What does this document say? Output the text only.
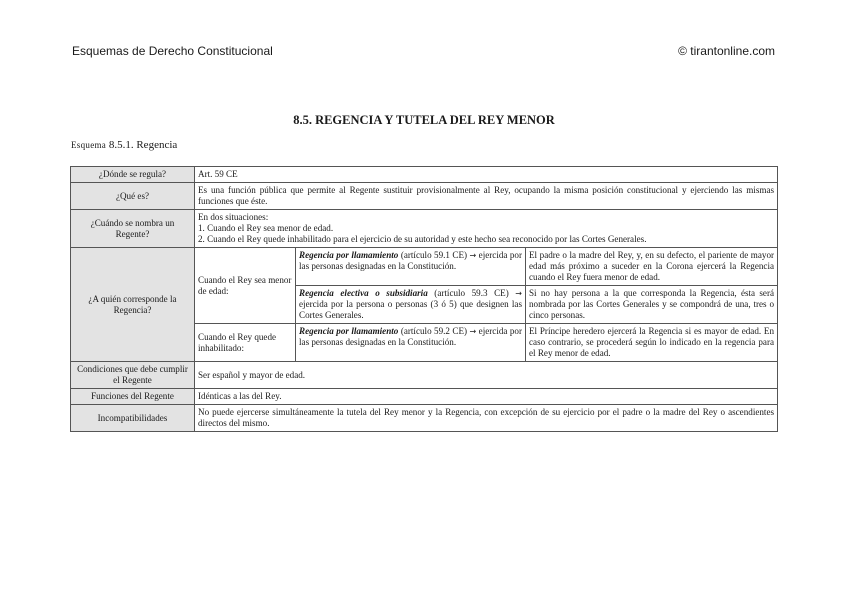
Esquemas de Derecho Constitucional	© tirantonline.com
8.5. REGENCIA Y TUTELA DEL REY MENOR
Esquema 8.5.1. Regencia
¿Dónde se regula?	Art. 59 CE		
¿Qué es?	Es una función pública que permite al Regente sustituir provisionalmente al Rey, ocupando la misma posición constitucional y ejerciendo las mismas funciones que éste.		
¿Cuándo se nombra un Regente?	En dos situaciones:
1. Cuando el Rey sea menor de edad.
2. Cuando el Rey quede inhabilitado para el ejercicio de su autoridad y este hecho sea reconocido por las Cortes Generales.		

¿A quién corresponde la Regencia?	Cuando el Rey sea menor de edad:	Regencia por llamamiento (artículo 59.1 CE) → ejercida por las personas designadas en la Constitución.	El padre o la madre del Rey, y, en su defecto, el pariente de mayor edad más próximo a suceder en la Corona ejercerá la Regencia cuando el Rey fuera menor de edad.
		Regencia electiva o subsidiaria (artículo 59.3 CE) → ejercida por la persona o personas (3 ó 5) que designen las Cortes Generales.	Si no hay persona a la que corresponda la Regencia, ésta será nombrada por las Cortes Generales y se compondrá de una, tres o cinco personas.
	Cuando el Rey quede inhabilitado:	Regencia por llamamiento (artículo 59.2 CE) → ejercida por las personas designadas en la Constitución.	El Príncipe heredero ejercerá la Regencia si es mayor de edad. En caso contrario, se procederá según lo indicado en la regencia para el Rey menor de edad.
Condiciones que debe cumplir el Regente	Ser español y mayor de edad.		
Funciones del Regente	Idénticas a las del Rey.		
Incompatibilidades	No puede ejercerse simultáneamente la tutela del Rey menor y la Regencia, con excepción de su ejercicio por el padre o la madre del Rey o ascendientes directos del mismo.		
